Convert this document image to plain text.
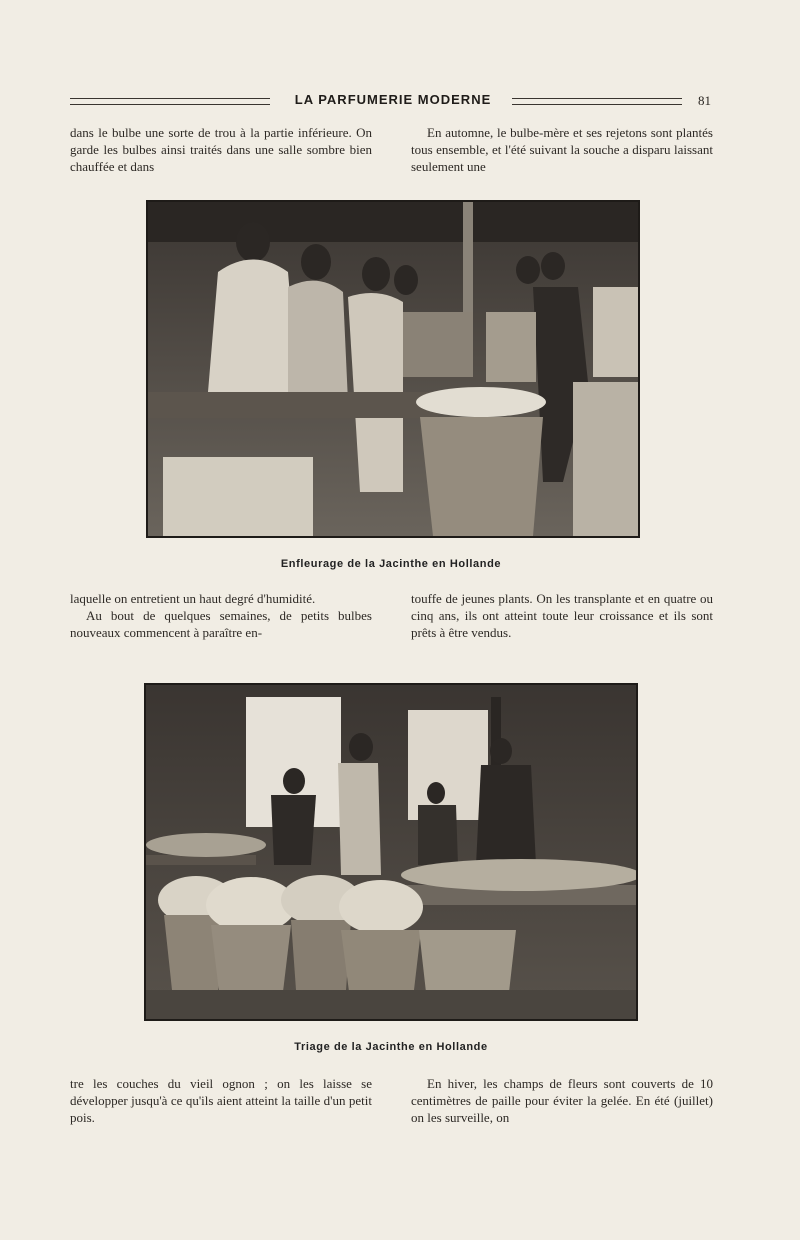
LA PARFUMERIE MODERNE	81

dans le bulbe une sorte de trou à la partie inférieure. On garde les bulbes ainsi traités dans une salle sombre bien chauffée et dans

En automne, le bulbe-mère et ses rejetons sont plantés tous ensemble, et l'été suivant la souche a disparu laissant seulement une

Enfleurage de la Jacinthe en Hollande

laquelle on entretient un haut degré d'humidité.

Au bout de quelques semaines, de petits bulbes nouveaux commencent à paraître en-

touffe de jeunes plants. On les transplante et en quatre ou cinq ans, ils ont atteint toute leur croissance et ils sont prêts à être vendus.

Triage de la Jacinthe en Hollande

tre les couches du vieil ognon ; on les laisse se développer jusqu'à ce qu'ils aient atteint la taille d'un petit pois.

En hiver, les champs de fleurs sont couverts de 10 centimètres de paille pour éviter la gelée. En été (juillet) on les surveille, on
